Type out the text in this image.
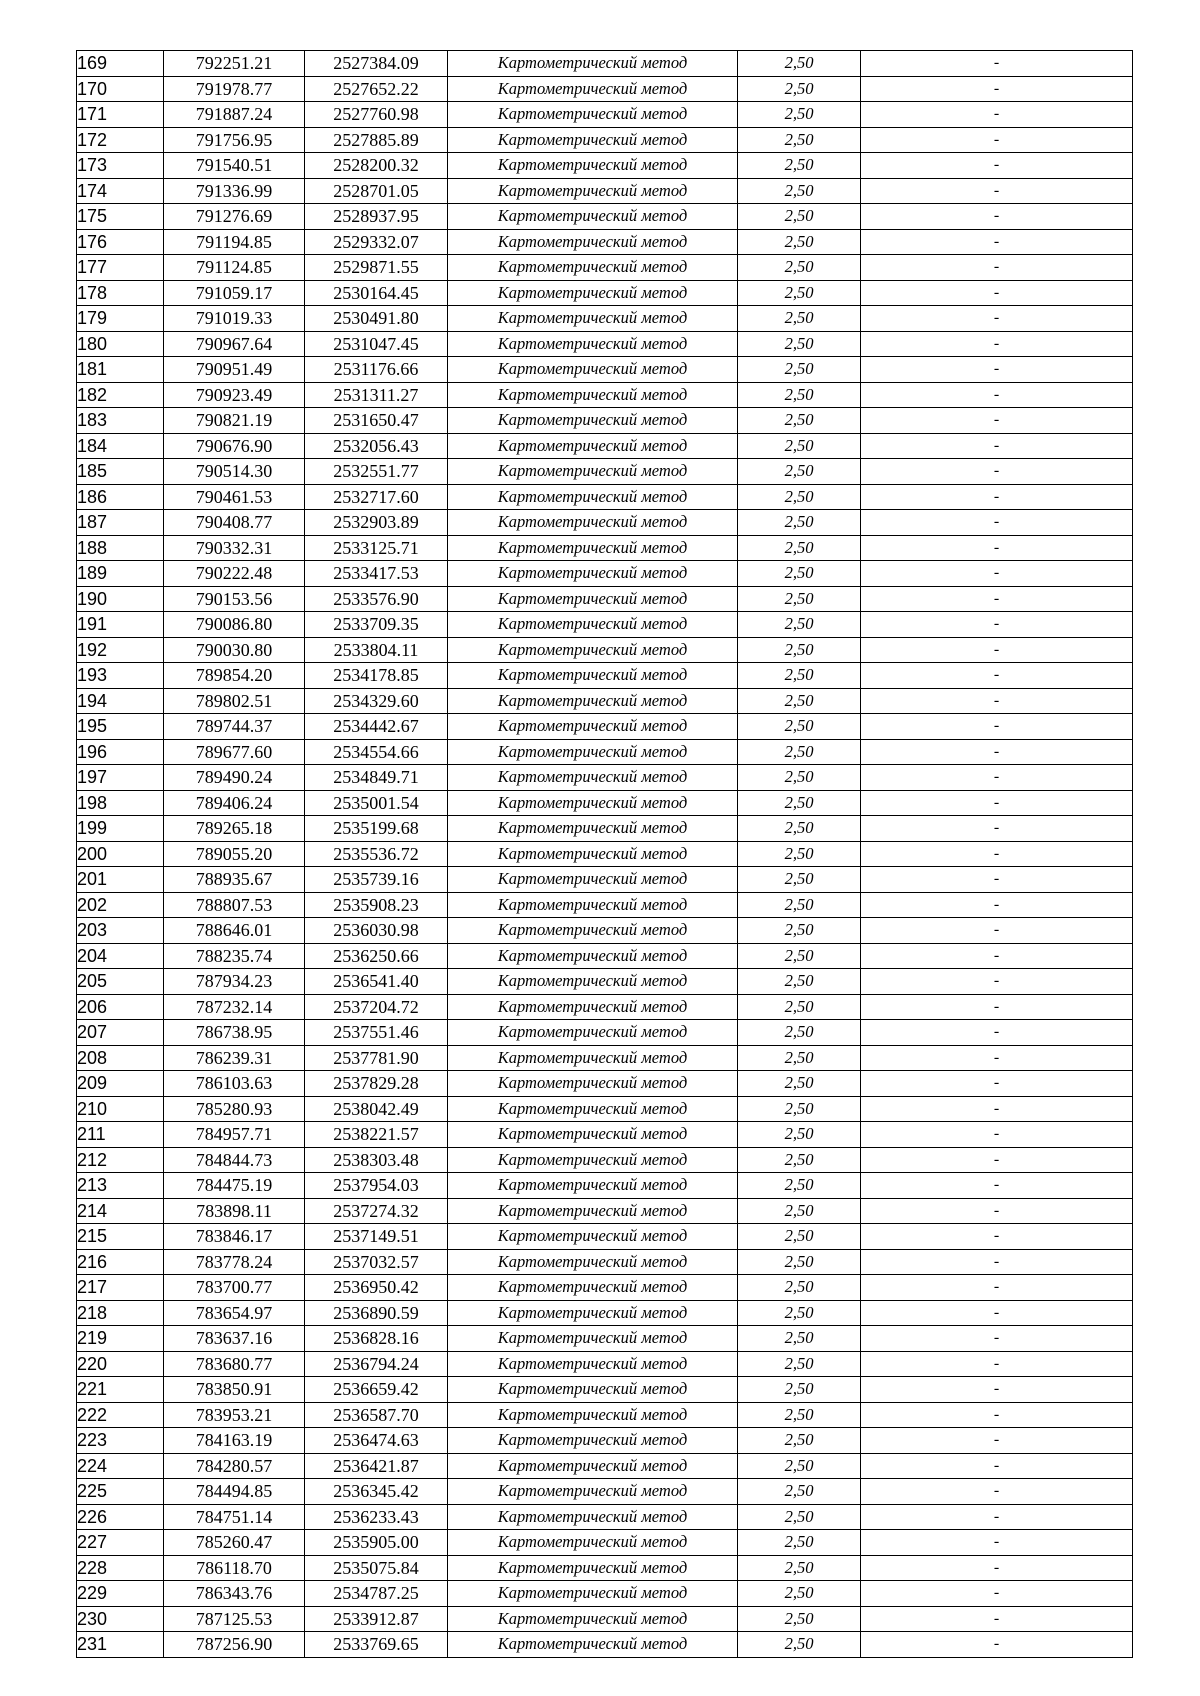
169	792251.21	2527384.09	Картометрический метод	2,50	-
170	791978.77	2527652.22	Картометрический метод	2,50	-
171	791887.24	2527760.98	Картометрический метод	2,50	-
172	791756.95	2527885.89	Картометрический метод	2,50	-
173	791540.51	2528200.32	Картометрический метод	2,50	-
174	791336.99	2528701.05	Картометрический метод	2,50	-
175	791276.69	2528937.95	Картометрический метод	2,50	-
176	791194.85	2529332.07	Картометрический метод	2,50	-
177	791124.85	2529871.55	Картометрический метод	2,50	-
178	791059.17	2530164.45	Картометрический метод	2,50	-
179	791019.33	2530491.80	Картометрический метод	2,50	-
180	790967.64	2531047.45	Картометрический метод	2,50	-
181	790951.49	2531176.66	Картометрический метод	2,50	-
182	790923.49	2531311.27	Картометрический метод	2,50	-
183	790821.19	2531650.47	Картометрический метод	2,50	-
184	790676.90	2532056.43	Картометрический метод	2,50	-
185	790514.30	2532551.77	Картометрический метод	2,50	-
186	790461.53	2532717.60	Картометрический метод	2,50	-
187	790408.77	2532903.89	Картометрический метод	2,50	-
188	790332.31	2533125.71	Картометрический метод	2,50	-
189	790222.48	2533417.53	Картометрический метод	2,50	-
190	790153.56	2533576.90	Картометрический метод	2,50	-
191	790086.80	2533709.35	Картометрический метод	2,50	-
192	790030.80	2533804.11	Картометрический метод	2,50	-
193	789854.20	2534178.85	Картометрический метод	2,50	-
194	789802.51	2534329.60	Картометрический метод	2,50	-
195	789744.37	2534442.67	Картометрический метод	2,50	-
196	789677.60	2534554.66	Картометрический метод	2,50	-
197	789490.24	2534849.71	Картометрический метод	2,50	-
198	789406.24	2535001.54	Картометрический метод	2,50	-
199	789265.18	2535199.68	Картометрический метод	2,50	-
200	789055.20	2535536.72	Картометрический метод	2,50	-
201	788935.67	2535739.16	Картометрический метод	2,50	-
202	788807.53	2535908.23	Картометрический метод	2,50	-
203	788646.01	2536030.98	Картометрический метод	2,50	-
204	788235.74	2536250.66	Картометрический метод	2,50	-
205	787934.23	2536541.40	Картометрический метод	2,50	-
206	787232.14	2537204.72	Картометрический метод	2,50	-
207	786738.95	2537551.46	Картометрический метод	2,50	-
208	786239.31	2537781.90	Картометрический метод	2,50	-
209	786103.63	2537829.28	Картометрический метод	2,50	-
210	785280.93	2538042.49	Картометрический метод	2,50	-
211	784957.71	2538221.57	Картометрический метод	2,50	-
212	784844.73	2538303.48	Картометрический метод	2,50	-
213	784475.19	2537954.03	Картометрический метод	2,50	-
214	783898.11	2537274.32	Картометрический метод	2,50	-
215	783846.17	2537149.51	Картометрический метод	2,50	-
216	783778.24	2537032.57	Картометрический метод	2,50	-
217	783700.77	2536950.42	Картометрический метод	2,50	-
218	783654.97	2536890.59	Картометрический метод	2,50	-
219	783637.16	2536828.16	Картометрический метод	2,50	-
220	783680.77	2536794.24	Картометрический метод	2,50	-
221	783850.91	2536659.42	Картометрический метод	2,50	-
222	783953.21	2536587.70	Картометрический метод	2,50	-
223	784163.19	2536474.63	Картометрический метод	2,50	-
224	784280.57	2536421.87	Картометрический метод	2,50	-
225	784494.85	2536345.42	Картометрический метод	2,50	-
226	784751.14	2536233.43	Картометрический метод	2,50	-
227	785260.47	2535905.00	Картометрический метод	2,50	-
228	786118.70	2535075.84	Картометрический метод	2,50	-
229	786343.76	2534787.25	Картометрический метод	2,50	-
230	787125.53	2533912.87	Картометрический метод	2,50	-
231	787256.90	2533769.65	Картометрический метод	2,50	-
